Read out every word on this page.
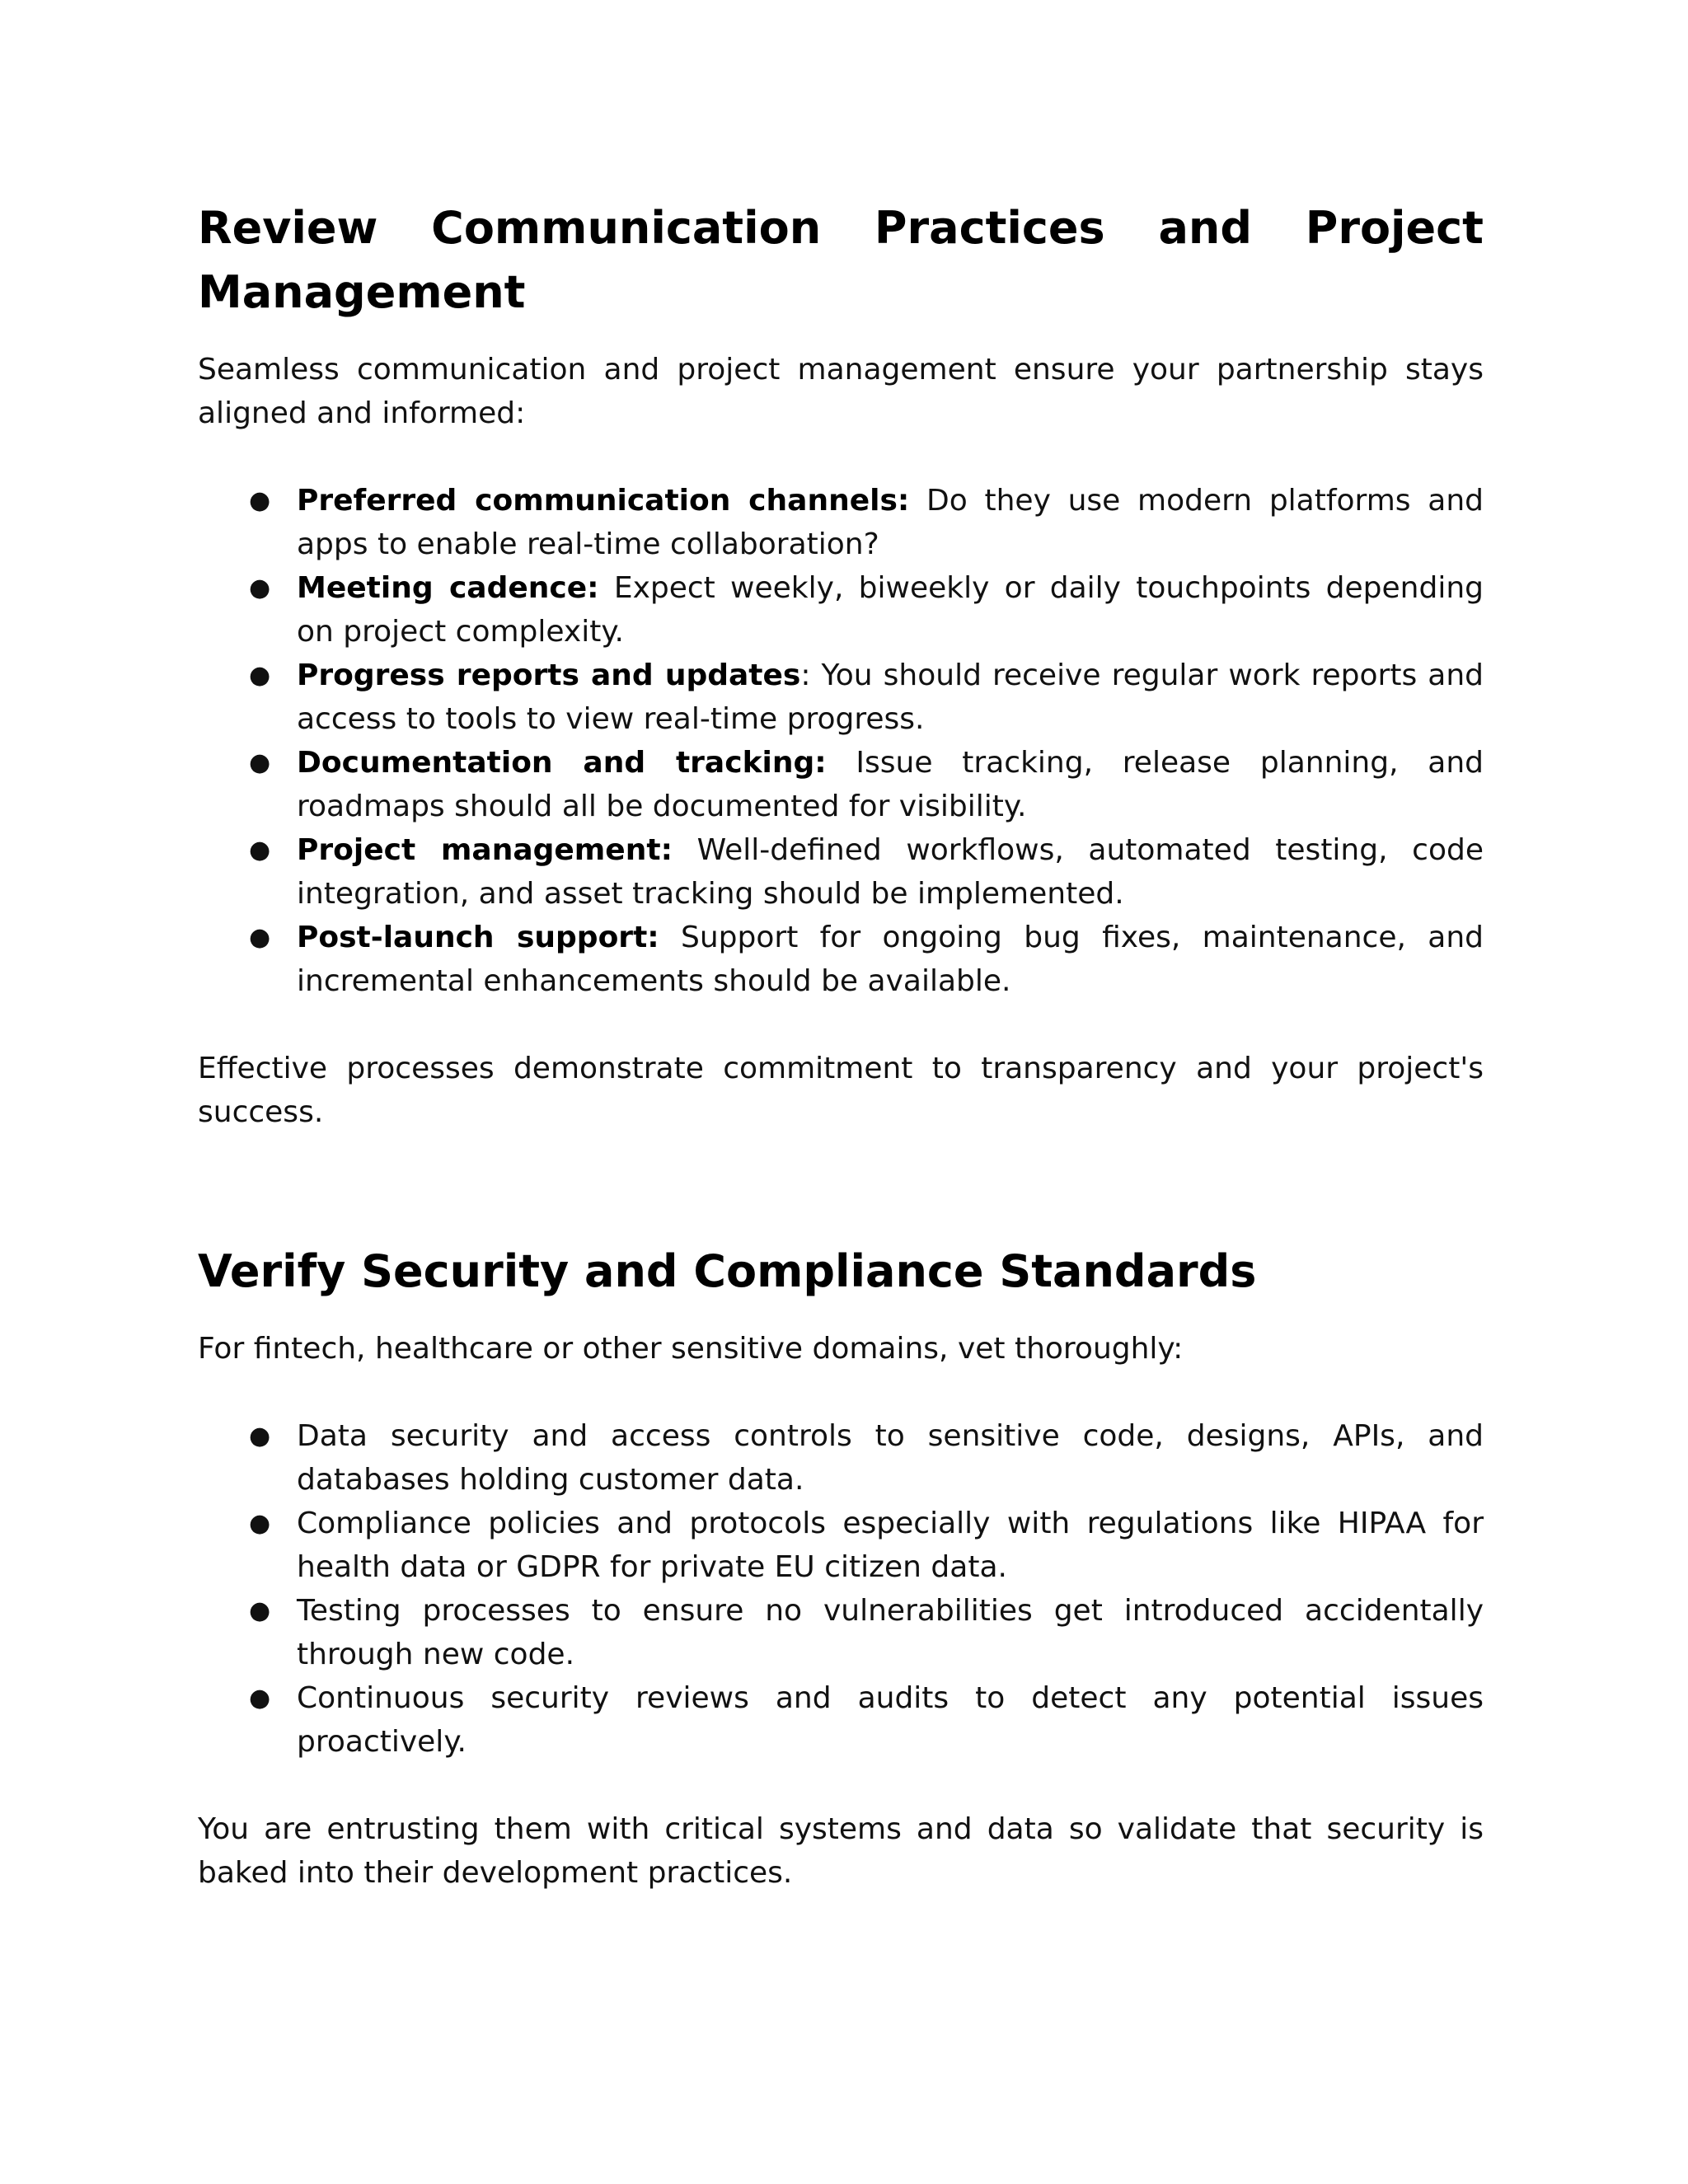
Review Communication Practices and Project Management

Seamless communication and project management ensure your partnership stays aligned and informed:

● Preferred communication channels: Do they use modern platforms and apps to enable real-time collaboration?
● Meeting cadence: Expect weekly, biweekly or daily touchpoints depending on project complexity.
● Progress reports and updates: You should receive regular work reports and access to tools to view real-time progress.
● Documentation and tracking: Issue tracking, release planning, and roadmaps should all be documented for visibility.
● Project management: Well-defined workflows, automated testing, code integration, and asset tracking should be implemented.
● Post-launch support: Support for ongoing bug fixes, maintenance, and incremental enhancements should be available.

Effective processes demonstrate commitment to transparency and your project's success.

Verify Security and Compliance Standards

For fintech, healthcare or other sensitive domains, vet thoroughly:

● Data security and access controls to sensitive code, designs, APIs, and databases holding customer data.
● Compliance policies and protocols especially with regulations like HIPAA for health data or GDPR for private EU citizen data.
● Testing processes to ensure no vulnerabilities get introduced accidentally through new code.
● Continuous security reviews and audits to detect any potential issues proactively.

You are entrusting them with critical systems and data so validate that security is baked into their development practices.
